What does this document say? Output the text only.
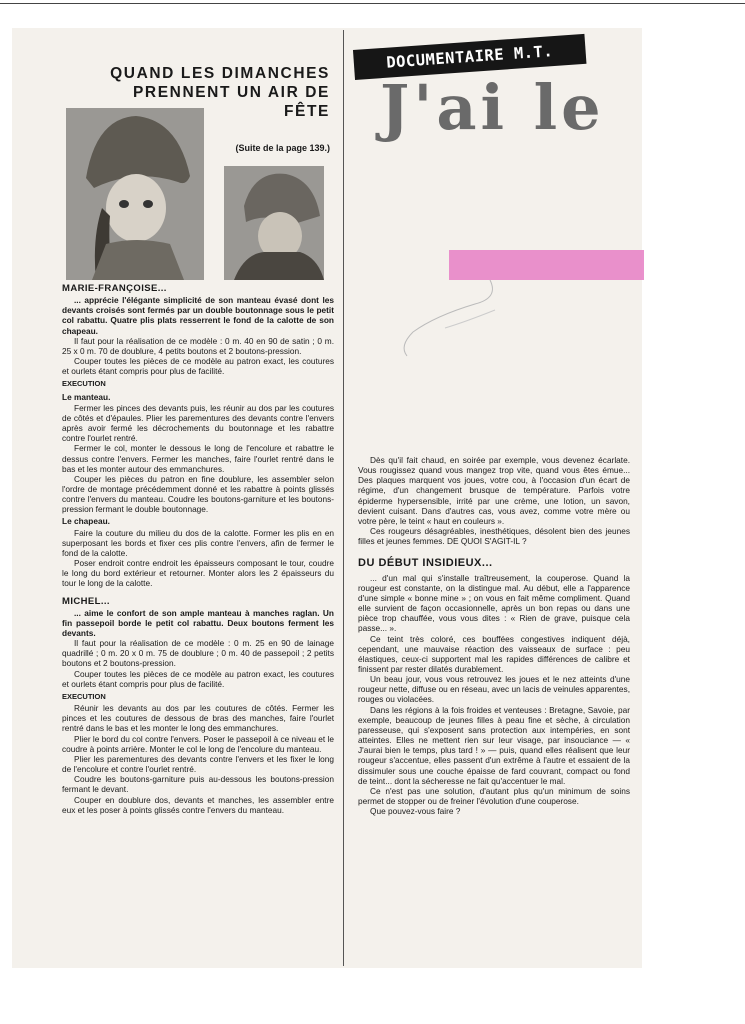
QUAND LES DIMANCHES PRENNENT UN AIR DE FÊTE
(Suite de la page 139.)
MARIE-FRANÇOISE...

... apprécie l'élégante simplicité de son manteau évasé dont les devants croisés sont fermés par un double boutonnage sous le petit col rabattu. Quatre plis plats resserrent le fond de la calotte de son chapeau.

Il faut pour la réalisation de ce modèle : 0 m. 40 en 90 de satin ; 0 m. 25 x 0 m. 70 de doublure, 4 petits boutons et 2 boutons-pression.

Couper toutes les pièces de ce modèle au patron exact, les coutures et ourlets étant compris pour plus de facilité.

EXECUTION
Le manteau.

Fermer les pinces des devants puis, les réunir au dos par les coutures de côtés et d'épaules. Plier les parementures des devants contre l'envers après avoir fermé les décrochements du boutonnage et les rabattre contre l'ourlet rentré.

Fermer le col, monter le dessous le long de l'encolure et rabattre le dessus contre l'envers. Fermer les manches, faire l'ourlet rentré dans le bas et les monter autour des emmanchures.

Couper les pièces du patron en fine doublure, les assembler selon l'ordre de montage précédemment donné et les rabattre à points glissés contre l'envers du manteau. Coudre les boutons-garniture et les boutons-pression fermant le double boutonnage.

Le chapeau.

Faire la couture du milieu du dos de la calotte. Former les plis en en superposant les bords et fixer ces plis contre l'envers, afin de fermer le fond de la calotte.

Poser endroit contre endroit les épaisseurs composant le tour, coudre le long du bord extérieur et retourner. Monter alors les 2 épaisseurs du tour le long de la calotte.

MICHEL...

... aime le confort de son ample manteau à manches raglan. Un fin passepoil borde le petit col rabattu. Deux boutons ferment les devants.

Il faut pour la réalisation de ce modèle : 0 m. 25 en 90 de lainage quadrillé ; 0 m. 20 x 0 m. 75 de doublure ; 0 m. 40 de passepoil ; 2 petits boutons et 2 boutons-pression.

Couper toutes les pièces de ce modèle au patron exact, les coutures et ourlets étant compris pour plus de facilité.

EXECUTION

Réunir les devants au dos par les coutures de côtés. Fermer les pinces et les coutures de dessous de bras des manches, faire l'ourlet rentré dans le bas et les monter le long des emmanchures.

Plier le bord du col contre l'envers. Poser le passepoil à ce niveau et le coudre à points arrière. Monter le col le long de l'encolure du manteau.

Plier les parementures des devants contre l'envers et les fixer le long de l'encolure et contre l'ourlet rentré.

Coudre les boutons-garniture puis au-dessous les boutons-pression fermant le devant.

Couper en doublure dos, devants et manches, les assembler entre eux et les poser à points glissés contre l'envers du manteau.

DOCUMENTAIRE M.T.
J'ai le

Dès qu'il fait chaud, en soirée par exemple, vous devenez écarlate. Vous rougissez quand vous mangez trop vite, quand vous êtes émue... Des plaques marquent vos joues, votre cou, à l'occasion d'un écart de régime, d'un changement brusque de température. Parfois votre épiderme hypersensible, irrité par une crème, une lotion, un savon, devient cuisant. Dans d'autres cas, vous avez, comme votre mère ou votre père, le teint « haut en couleurs ».

Ces rougeurs désagréables, inesthétiques, désolent bien des jeunes filles et jeunes femmes. DE QUOI S'AGIT-IL ?

DU DÉBUT INSIDIEUX...

... d'un mal qui s'installe traîtreusement, la couperose. Quand la rougeur est constante, on la distingue mal. Au début, elle a l'apparence d'une simple « bonne mine » ; on vous en fait même compliment. Quand elle survient de façon occasionnelle, après un bon repas ou dans une pièce trop chauffée, vous vous dites : « Rien de grave, puisque cela passe... ».

Ce teint très coloré, ces bouffées congestives indiquent déjà, cependant, une mauvaise réaction des vaisseaux de surface : peu élastiques, ceux-ci supportent mal les rapides différences de calibre et finissent par rester dilatés durablement.

Un beau jour, vous vous retrouvez les joues et le nez atteints d'une rougeur nette, diffuse ou en réseau, avec un lacis de veinules apparentes, rouges ou violacées.

Dans les régions à la fois froides et venteuses : Bretagne, Savoie, par exemple, beaucoup de jeunes filles à peau fine et sèche, à circulation paresseuse, qui s'exposent sans protection aux intempéries, en sont atteintes. Elles ne mettent rien sur leur visage, par insouciance — « J'aurai bien le temps, plus tard ! » — puis, quand elles réalisent que leur rougeur s'accentue, elles passent d'un extrême à l'autre et essaient de la dissimuler sous une couche épaisse de fard couvrant, compact ou fond de teint... dont la sécheresse ne fait qu'accentuer le mal.

Ce n'est pas une solution, d'autant plus qu'un minimum de soins permet de stopper ou de freiner l'évolution d'une couperose.

Que pouvez-vous faire ?
